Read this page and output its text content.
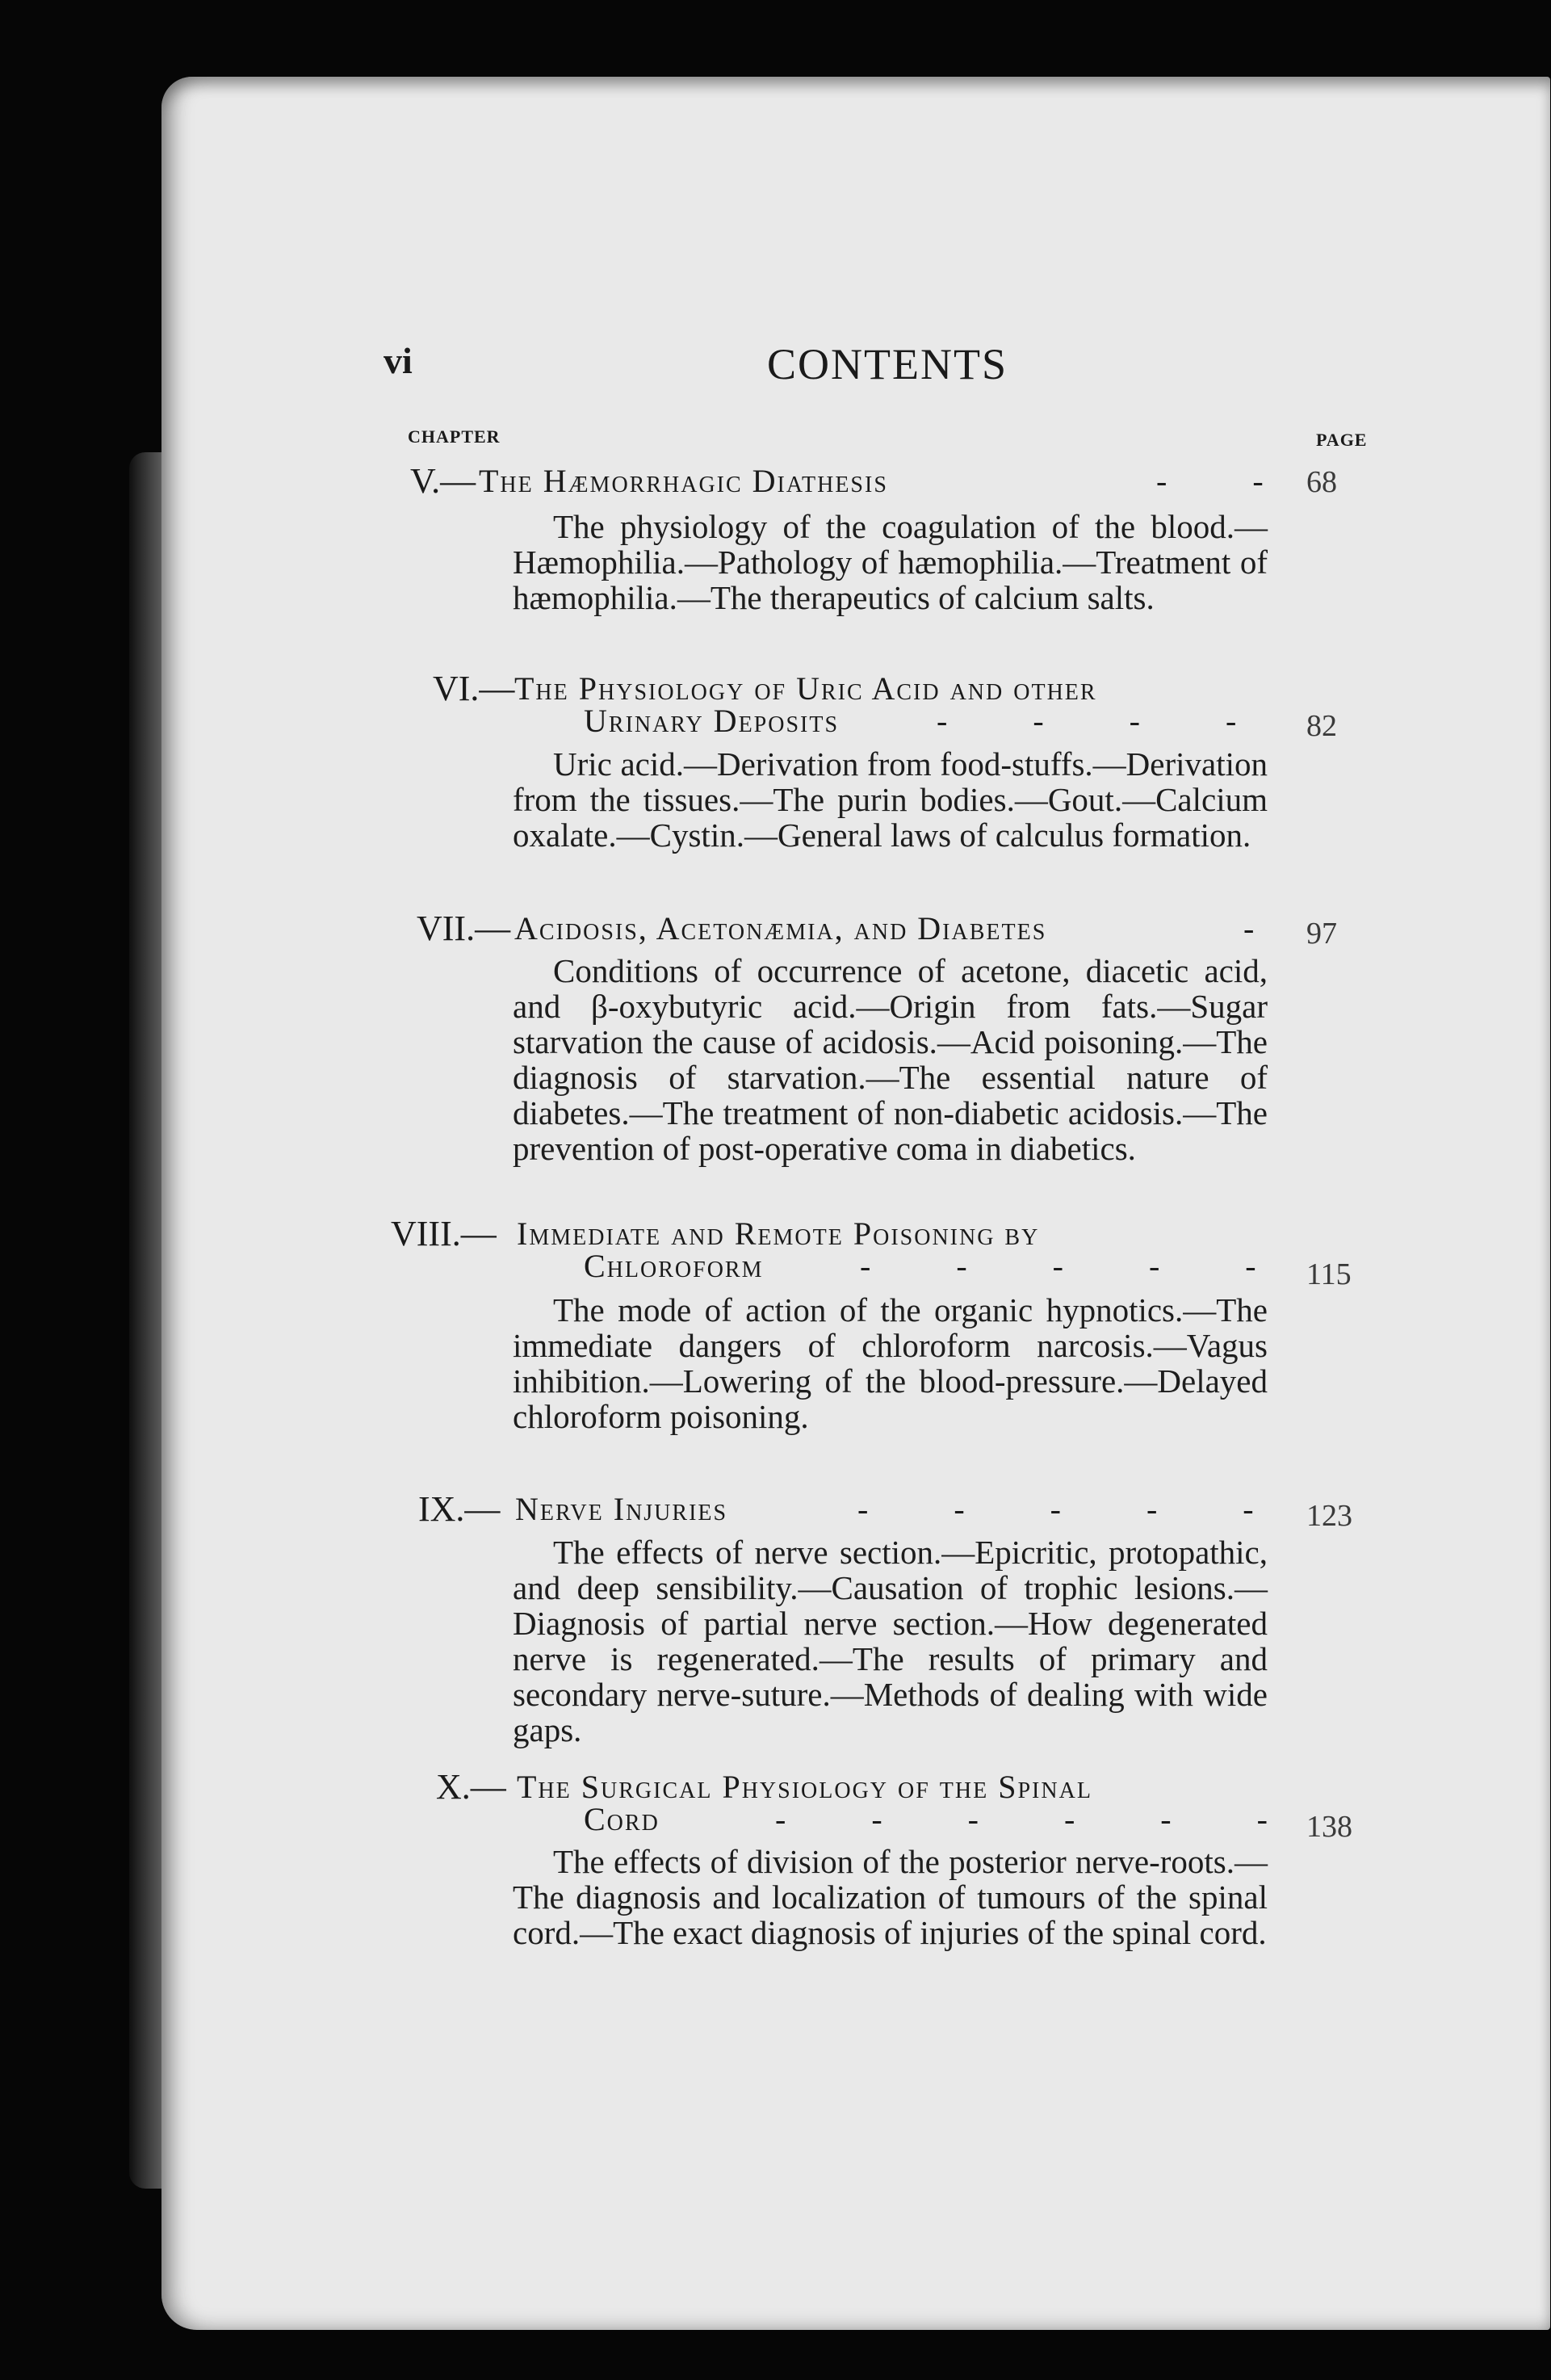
vi	CONTENTS
CHAPTER	PAGE
V.— The Hæmorrhagic Diathesis	- - 68

The physiology of the coagulation of the blood.—Hæmophilia.—Pathology of hæmophilia.—Treatment of hæmophilia.—The therapeutics of calcium salts.

VI.— The Physiology of Uric Acid and other
Urinary Deposits	- - - - 82

Uric acid.—Derivation from food-stuffs.—Derivation from the tissues.—The purin bodies.—Gout.—Calcium oxalate.—Cystin.—General laws of calculus formation.

VII.— Acidosis, Acetonæmia, and Diabetes	- 97

Conditions of occurrence of acetone, diacetic acid, and β-oxybutyric acid.—Origin from fats.—Sugar starvation the cause of acidosis.—Acid poisoning.—The diagnosis of starvation.—The essential nature of diabetes.—The treatment of non-diabetic acidosis.—The prevention of post-operative coma in diabetics.

VIII.— Immediate and Remote Poisoning by
Chloroform	- - - - - 115

The mode of action of the organic hypnotics.—The immediate dangers of chloroform narcosis.—Vagus inhibition.—Lowering of the blood-pressure.—Delayed chloroform poisoning.

IX.— Nerve Injuries	- - - - - 123

The effects of nerve section.—Epicritic, protopathic, and deep sensibility.—Causation of trophic lesions.—Diagnosis of partial nerve section.—How degenerated nerve is regenerated.—The results of primary and secondary nerve-suture.—Methods of dealing with wide gaps.

X.— The Surgical Physiology of the Spinal
Cord	- - - - - - 138

The effects of division of the posterior nerve-roots.—The diagnosis and localization of tumours of the spinal cord.—The exact diagnosis of injuries of the spinal cord.
